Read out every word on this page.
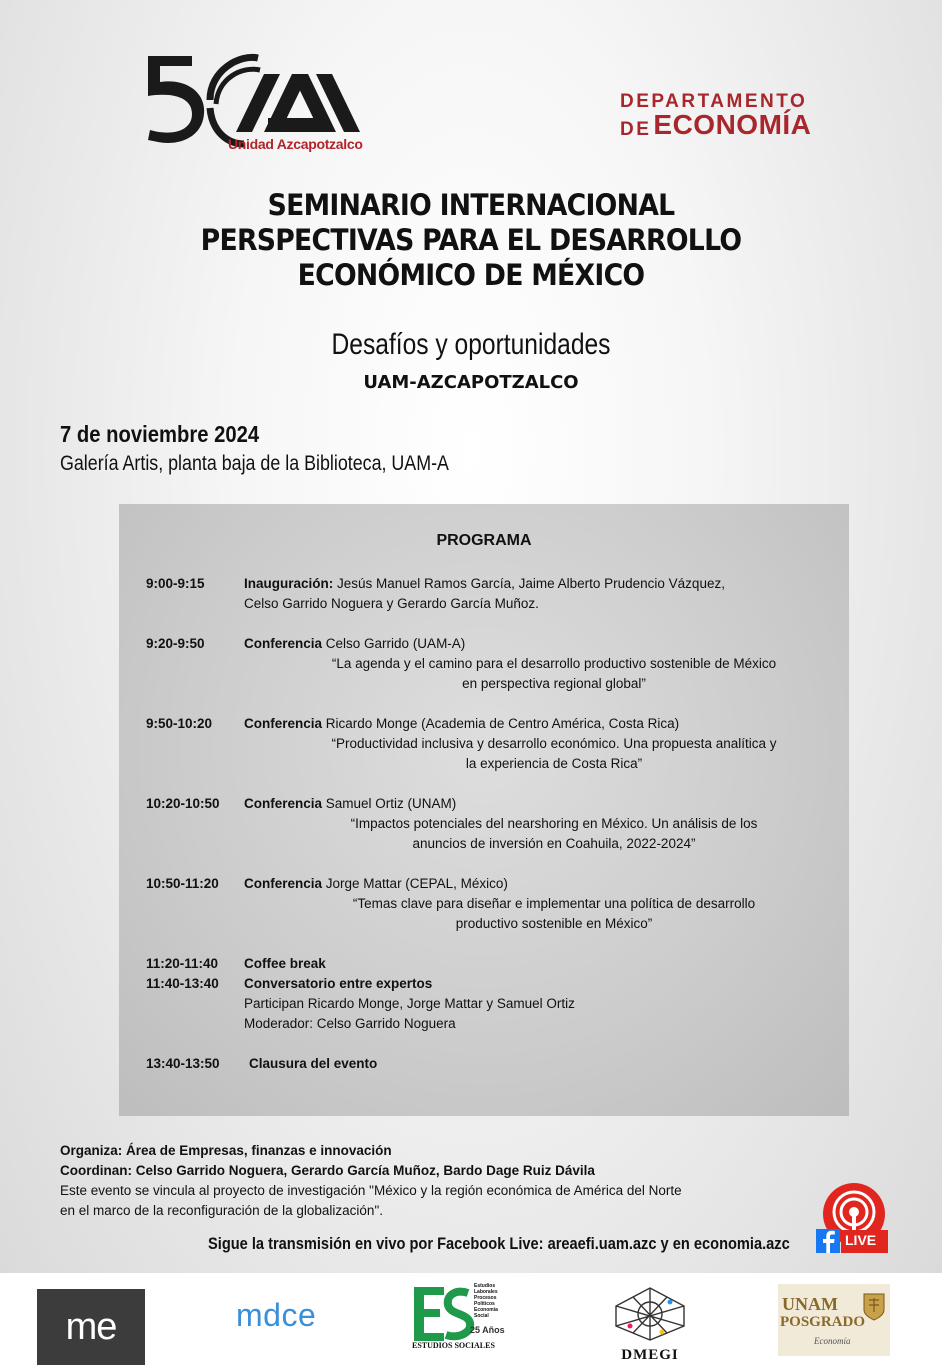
Unidad Azcapotzalco
DEPARTAMENTO
DEECONOMÍA
SEMINARIO INTERNACIONAL
PERSPECTIVAS PARA EL DESARROLLO
ECONÓMICO DE MÉXICO
Desafíos y oportunidades
UAM-AZCAPOTZALCO
7 de noviembre 2024
Galería Artis, planta baja de la Biblioteca, UAM-A
PROGRAMA
9:00-9:15	Inauguración: Jesús Manuel Ramos García, Jaime Alberto Prudencio Vázquez,
Celso Garrido Noguera y Gerardo García Muñoz.
9:20-9:50	Conferencia Celso Garrido (UAM-A)
“La agenda y el camino para el desarrollo productivo sostenible de México
en perspectiva regional global”
9:50-10:20 Conferencia Ricardo Monge (Academia de Centro América, Costa Rica)
“Productividad inclusiva y desarrollo económico. Una propuesta analítica y
la experiencia de Costa Rica”
10:20-10:50 Conferencia Samuel Ortiz (UNAM)
“Impactos potenciales del nearshoring en México. Un análisis de los
anuncios de inversión en Coahuila, 2022-2024”
10:50-11:20 Conferencia Jorge Mattar (CEPAL, México)
“Temas clave para diseñar e implementar una política de desarrollo
productivo sostenible en México”
11:20-11:40 Coffee break
11:40-13:40 Conversatorio entre expertos
Participan Ricardo Monge, Jorge Mattar y Samuel Ortiz
Moderador: Celso Garrido Noguera
13:40-13:50 Clausura del evento
Organiza: Área de Empresas, finanzas e innovación
Coordinan: Celso Garrido Noguera, Gerardo García Muñoz, Bardo Dage Ruiz Dávila
Este evento se vincula al proyecto de investigación "México y la región económica de América del Norte
en el marco de la reconfiguración de la globalización".
Sigue la transmisión en vivo por Facebook Live: areaefi.uam.azc y en economia.azc	LIVE
me	mdce
Estudios
Laborales
Procesos
Políticos
Economía
Social
25 Años
ESTUDIOS SOCIALES
DMEGI
UNAM
POSGRADO
Economía
